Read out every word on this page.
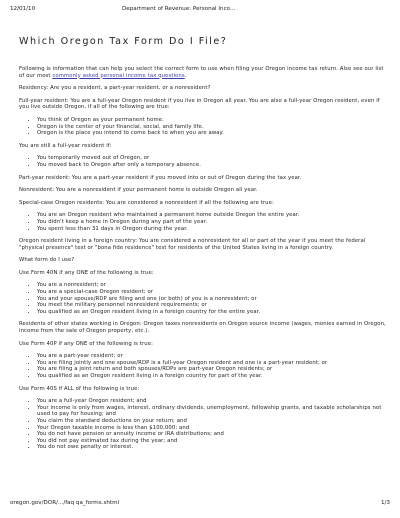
12/01/10	Department of Revenue: Personal Inco...
Which Oregon Tax Form Do I File?

Following is information that can help you select the correct form to use when filing your Oregon income tax return. Also see our list of our most commonly asked personal income tax questions.

Residency: Are you a resident, a part-year resident, or a nonresident?

Full-year resident: You are a full-year Oregon resident if you live in Oregon all year. You are also a full-year Oregon resident, even if you live outside Oregon, if all of the following are true:

• You think of Oregon as your permanent home.
• Oregon is the center of your financial, social, and family life.
• Oregon is the place you intend to come back to when you are away.

You are still a full-year resident if:

• You temporarily moved out of Oregon, or
• You moved back to Oregon after only a temporary absence.

Part-year resident: You are a part-year resident if you moved into or out of Oregon during the tax year.

Nonresident: You are a nonresident if your permanent home is outside Oregon all year.

Special-case Oregon residents: You are considered a nonresident if all the following are true:

• You are an Oregon resident who maintained a permanent home outside Oregon the entire year.
• You didn't keep a home in Oregon during any part of the year.
• You spent less than 31 days in Oregon during the year.

Oregon resident living in a foreign country: You are considered a nonresident for all or part of the year if you meet the federal "physical presence" test or "bona fide residence" test for residents of the United States living in a foreign country.

What form do I use?

Use Form 40N if any ONE of the following is true:

• You are a nonresident; or
• You are a special-case Oregon resident; or
• You and your spouse/RDP are filing and one (or both) of you is a nonresident; or
• You meet the military personnel nonresident requirements; or
• You qualified as an Oregon resident living in a foreign country for the entire year.

Residents of other states working in Oregon: Oregon taxes nonresidents on Oregon source income (wages, monies earned in Oregon, income from the sale of Oregon property, etc.).

Use Form 40P if any ONE of the following is true:

• You are a part-year resident; or
• You are filing jointly and one spouse/RDP is a full-year Oregon resident and one is a part-year resident; or
• You are filing a joint return and both spouses/RDPs are part-year Oregon residents; or
• You qualified as an Oregon resident living in a foreign country for part of the year.

Use Form 40S if ALL of the following is true:

• You are a full-year Oregon resident; and
• Your income is only from wages, interest, ordinary dividends, unemployment, fellowship grants, and taxable scholarships not used to pay for housing; and
• You claim the standard deductions on your return; and
• Your Oregon taxable income is less than $100,000; and
• You do not have pension or annuity income or IRA distributions; and
• You did not pay estimated tax during the year; and
• You do not owe penalty or interest.
oregon.gov/DOR/.../faq qa_forms.shtml	1/3
